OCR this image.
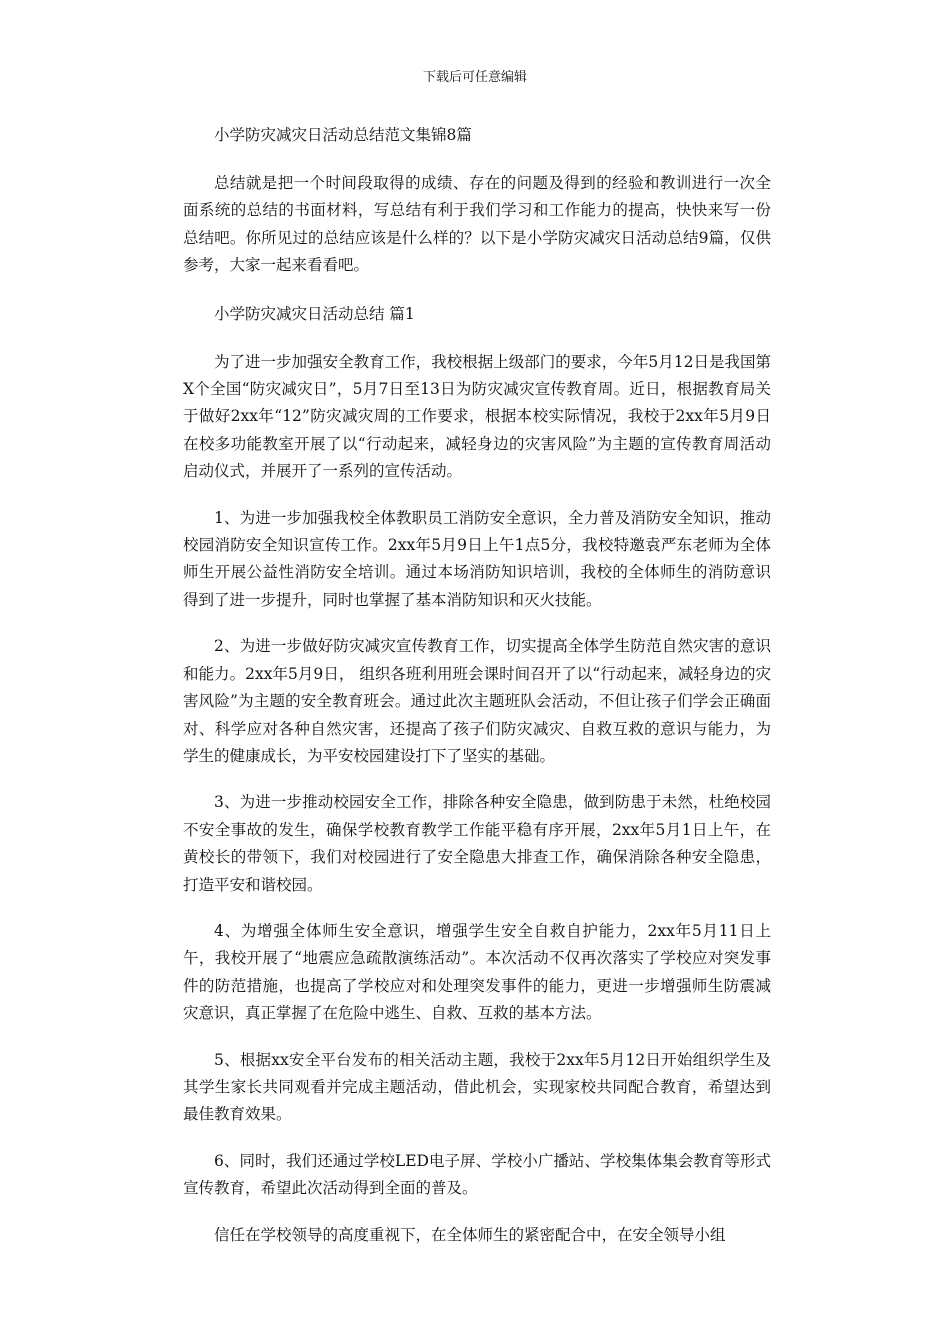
下载后可任意编辑
小学防灾减灾日活动总结范文集锦8篇

总结就是把一个时间段取得的成绩、存在的问题及得到的经验和教训进行一次全面系统的总结的书面材料，写总结有利于我们学习和工作能力的提高，快快来写一份总结吧。你所见过的总结应该是什么样的？以下是小学防灾减灾日活动总结9篇，仅供参考，大家一起来看看吧。

小学防灾减灾日活动总结 篇1

为了进一步加强安全教育工作，我校根据上级部门的要求，今年5月12日是我国第X个全国“防灾减灾日”，5月7日至13日为防灾减灾宣传教育周。近日，根据教育局关于做好2xx年“12”防灾减灾周的工作要求，根据本校实际情况，我校于2xx年5月9日在校多功能教室开展了以“行动起来，减轻身边的灾害风险”为主题的宣传教育周活动启动仪式，并展开了一系列的宣传活动。

1、为进一步加强我校全体教职员工消防安全意识，全力普及消防安全知识，推动校园消防安全知识宣传工作。2xx年5月9日上午1点5分，我校特邀袁严东老师为全体师生开展公益性消防安全培训。通过本场消防知识培训，我校的全体师生的消防意识得到了进一步提升，同时也掌握了基本消防知识和灭火技能。

2、为进一步做好防灾减灾宣传教育工作，切实提高全体学生防范自然灾害的意识和能力。2xx年5月9日， 组织各班利用班会课时间召开了以“行动起来，减轻身边的灾害风险”为主题的安全教育班会。通过此次主题班队会活动，不但让孩子们学会正确面对、科学应对各种自然灾害，还提高了孩子们防灾减灾、自救互救的意识与能力，为学生的健康成长，为平安校园建设打下了坚实的基础。

3、为进一步推动校园安全工作，排除各种安全隐患，做到防患于未然，杜绝校园不安全事故的发生，确保学校教育教学工作能平稳有序开展，2xx年5月1日上午，在黄校长的带领下，我们对校园进行了安全隐患大排查工作，确保消除各种安全隐患，打造平安和谐校园。

4、为增强全体师生安全意识，增强学生安全自救自护能力，2xx年5月11日上午，我校开展了“地震应急疏散演练活动”。本次活动不仅再次落实了学校应对突发事件的防范措施，也提高了学校应对和处理突发事件的能力，更进一步增强师生防震减灾意识，真正掌握了在危险中逃生、自救、互救的基本方法。

5、根据xx安全平台发布的相关活动主题，我校于2xx年5月12日开始组织学生及其学生家长共同观看并完成主题活动，借此机会，实现家校共同配合教育，希望达到最佳教育效果。

6、同时，我们还通过学校LED电子屏、学校小广播站、学校集体集会教育等形式宣传教育，希望此次活动得到全面的普及。

信任在学校领导的高度重视下，在全体师生的紧密配合中，在安全领导小组
